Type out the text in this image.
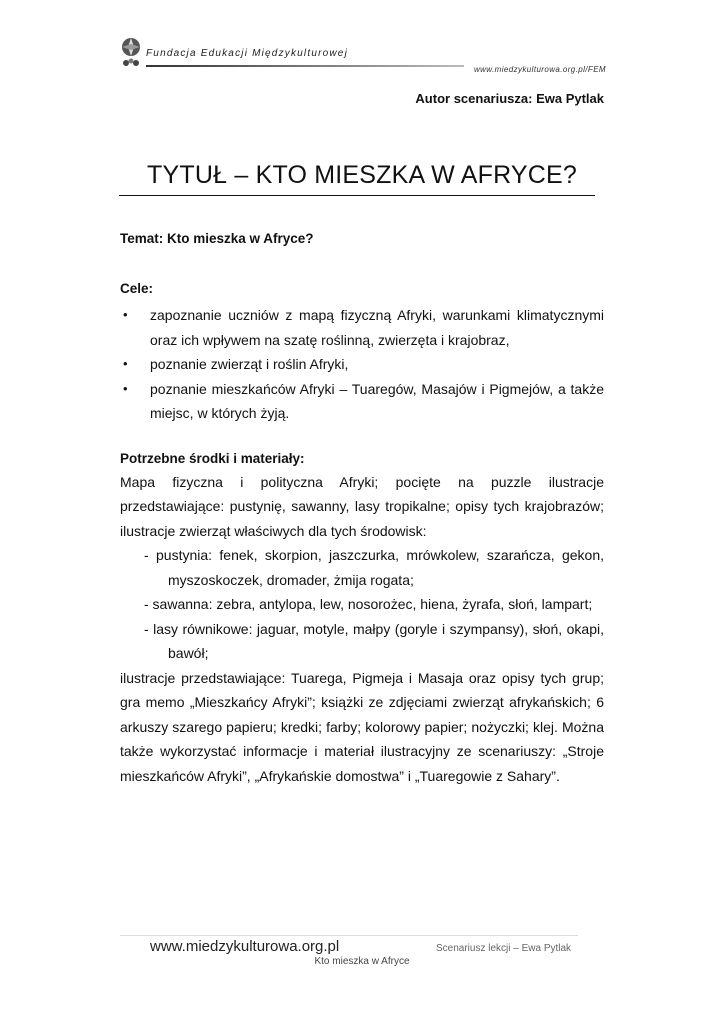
Fundacja Edukacji Międzykulturowej
www.miedzykulturowa.org.pl/FEM
Autor scenariusza: Ewa Pytlak
TYTUŁ – KTO MIESZKA W AFRYCE?

Temat: Kto mieszka w Afryce?

Cele:

• zapoznanie uczniów z mapą fizyczną Afryki, warunkami klimatycznymi oraz ich wpływem na szatę roślinną, zwierzęta i krajobraz,
• poznanie zwierząt i roślin Afryki,
• poznanie mieszkańców Afryki – Tuaregów, Masajów i Pigmejów, a także miejsc, w których żyją.

Potrzebne środki i materiały:

Mapa fizyczna i polityczna Afryki; pocięte na puzzle ilustracje przedstawiające: pustynię, sawanny, lasy tropikalne; opisy tych krajobrazów; ilustracje zwierząt właściwych dla tych środowisk:

- pustynia: fenek, skorpion, jaszczurka, mrówkolew, szarańcza, gekon, myszoskoczek, dromader, żmija rogata;

- sawanna: zebra, antylopa, lew, nosorożec, hiena, żyrafa, słoń, lampart;

- lasy równikowe: jaguar, motyle, małpy (goryle i szympansy), słoń, okapi, bawół;

ilustracje przedstawiające: Tuarega, Pigmeja i Masaja oraz opisy tych grup; gra memo „Mieszkańcy Afryki”; książki ze zdjęciami zwierząt afrykańskich; 6 arkuszy szarego papieru; kredki; farby; kolorowy papier; nożyczki; klej. Można także wykorzystać informacje i materiał ilustracyjny ze scenariuszy: „Stroje mieszkańców Afryki”, „Afrykańskie domostwa” i „Tuaregowie z Sahary”.

www.miedzykulturowa.org.pl	Scenariusz lekcji – Ewa Pytlak
Kto mieszka w Afryce
